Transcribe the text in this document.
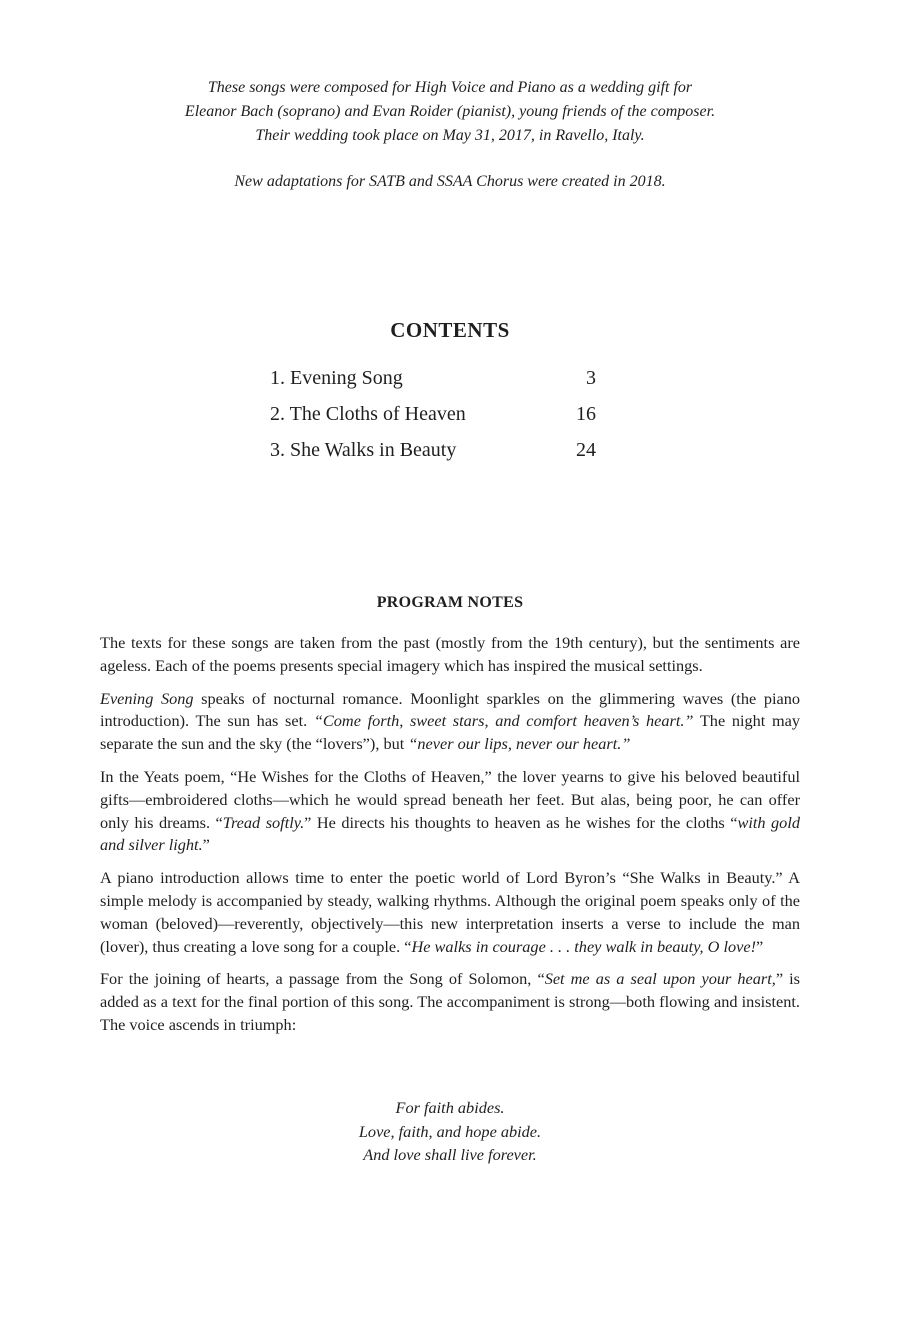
These songs were composed for High Voice and Piano as a wedding gift for

Eleanor Bach (soprano) and Evan Roider (pianist), young friends of the composer.

Their wedding took place on May 31, 2017, in Ravello, Italy.

New adaptations for SATB and SSAA Chorus were created in 2018.

CONTENTS
1. Evening Song	3
2. The Cloths of Heaven	16
3. She Walks in Beauty	24
PROGRAM NOTES

The texts for these songs are taken from the past (mostly from the 19th century), but the sentiments are ageless. Each of the poems presents special imagery which has inspired the musical settings.

Evening Song speaks of nocturnal romance. Moonlight sparkles on the glimmering waves (the piano introduction). The sun has set. “Come forth, sweet stars, and comfort heaven’s heart.” The night may separate the sun and the sky (the “lovers”), but “never our lips, never our heart.”

In the Yeats poem, “He Wishes for the Cloths of Heaven,” the lover yearns to give his beloved beautiful gifts—embroidered cloths—which he would spread beneath her feet. But alas, being poor, he can offer only his dreams. “Tread softly.” He directs his thoughts to heaven as he wishes for the cloths “with gold and silver light.”

A piano introduction allows time to enter the poetic world of Lord Byron’s “She Walks in Beauty.” A simple melody is accompanied by steady, walking rhythms. Although the original poem speaks only of the woman (beloved)—reverently, objectively—this new interpretation inserts a verse to include the man (lover), thus creating a love song for a couple. “He walks in courage . . . they walk in beauty, O love!”

For the joining of hearts, a passage from the Song of Solomon, “Set me as a seal upon your heart,” is added as a text for the final portion of this song. The accompaniment is strong—both flowing and insistent. The voice ascends in triumph:

For faith abides.
Love, faith, and hope abide.
And love shall live forever.
